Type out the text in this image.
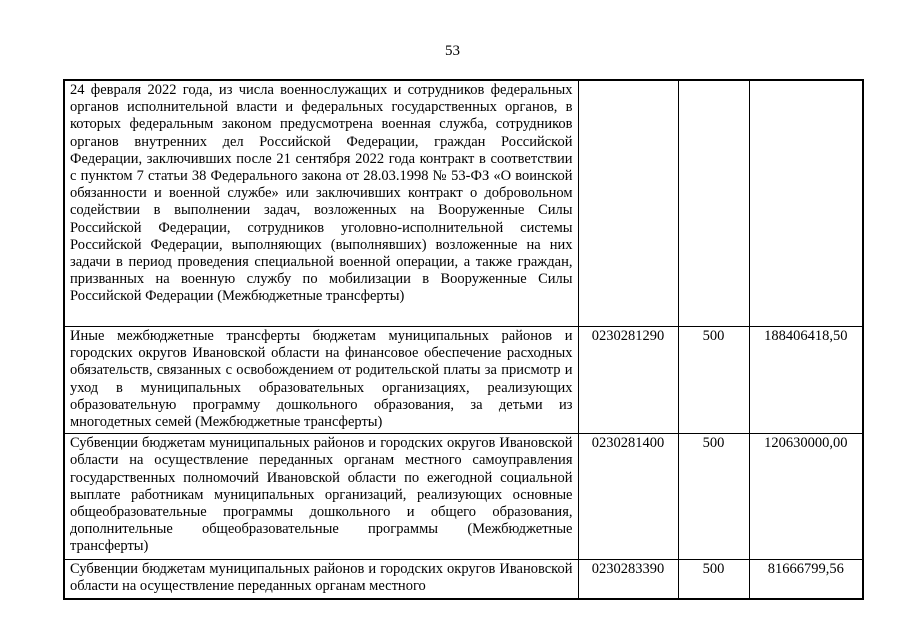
53
24 февраля 2022 года, из числа военнослужащих и сотрудников федеральных органов исполнительной власти и федеральных государственных органов, в которых федеральным законом предусмотрена военная служба, сотрудников органов внутренних дел Российской Федерации, граждан Российской Федерации, заключивших после 21 сентября 2022 года контракт в соответствии с пунктом 7 статьи 38 Федерального закона от 28.03.1998 № 53-ФЗ «О воинской обязанности и военной службе» или заключивших контракт о добровольном содействии в выполнении задач, возложенных на Вооруженные Силы Российской Федерации, сотрудников уголовно-исполнительной системы Российской Федерации, выполняющих (выполнявших) возложенные на них задачи в период проведения специальной военной операции, а также граждан, призванных на военную службу по мобилизации в Вооруженные Силы Российской Федерации (Межбюджетные трансферты)			
Иные межбюджетные трансферты бюджетам муниципальных районов и городских округов Ивановской области на финансовое обеспечение расходных обязательств, связанных с освобождением от родительской платы за присмотр и уход в муниципальных образовательных организациях, реализующих образовательную программу дошкольного образования, за детьми из многодетных семей (Межбюджетные трансферты)	0230281290	500	188406418,50
Субвенции бюджетам муниципальных районов и городских округов Ивановской области на осуществление переданных органам местного самоуправления государственных полномочий Ивановской области по ежегодной социальной выплате работникам муниципальных организаций, реализующих основные общеобразовательные программы дошкольного и общего образования, дополнительные общеобразовательные программы (Межбюджетные трансферты)	0230281400	500	120630000,00
Субвенции бюджетам муниципальных районов и городских округов Ивановской области на осуществление переданных органам местного	0230283390	500	81666799,56
